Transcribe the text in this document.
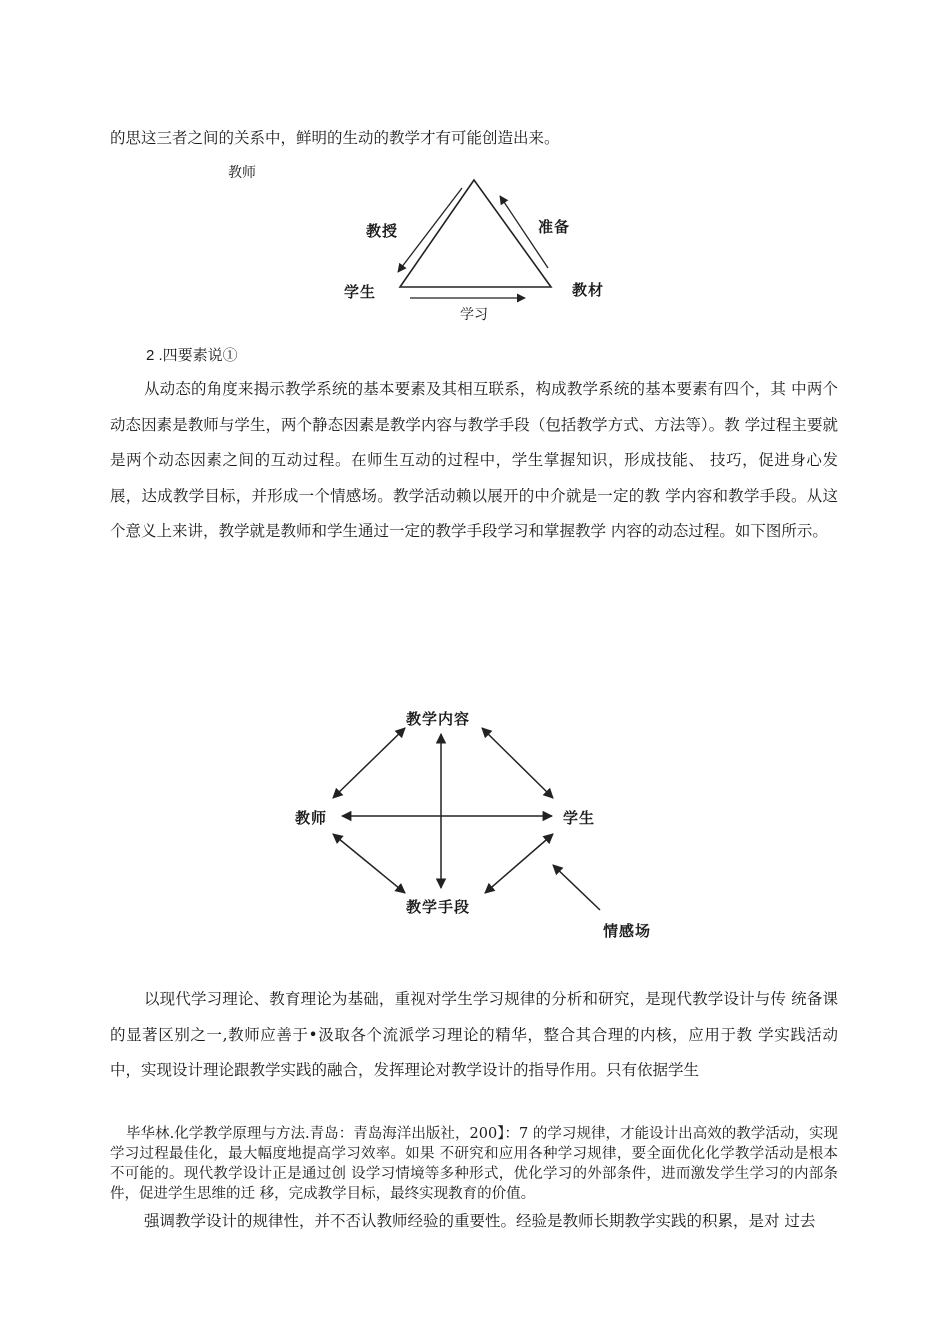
的思这三者之间的关系中，鲜明的生动的教学才有可能创造出来。
教师
教授	准备
学生	教材
学习
2 .四要素说①
从动态的角度来揭示教学系统的基本要素及其相互联系，构成教学系统的基本要素有四个，其 中两个动态因素是教师与学生，两个静态因素是教学内容与教学手段（包括教学方式、方法等）。教 学过程主要就是两个动态因素之间的互动过程。在师生互动的过程中，学生掌握知识，形成技能、 技巧，促进身心发展，达成教学目标，并形成一个情感场。教学活动赖以展开的中介就是一定的教 学内容和教学手段。从这个意义上来讲，教学就是教师和学生通过一定的教学手段学习和掌握教学 内容的动态过程。如下图所示。
教学内容
教师	学生
教学手段
情感场
以现代学习理论、教育理论为基础，重视对学生学习规律的分析和研究，是现代教学设计与传 统备课的显著区别之一,教师应善于•汲取各个流派学习理论的精华，整合其合理的内核，应用于教 学实践活动中，实现设计理论跟教学实践的融合，发挥理论对教学设计的指导作用。只有依据学生
毕华林.化学教学原理与方法.青岛：青岛海洋出版社，200】：7 的学习规律，才能设计出高效的教学活动，实现学习过程最佳化，最大幅度地提高学习效率。如果 不研究和应用各种学习规律，要全面优化化学教学活动是根本不可能的。现代教学设计正是通过创 设学习情境等多种形式，优化学习的外部条件，进而激发学生学习的内部条件，促进学生思维的迁 移，完成教学目标，最终实现教育的价值。
强调教学设计的规律性，并不否认教师经验的重要性。经验是教师长期教学实践的积累，是对 过去
